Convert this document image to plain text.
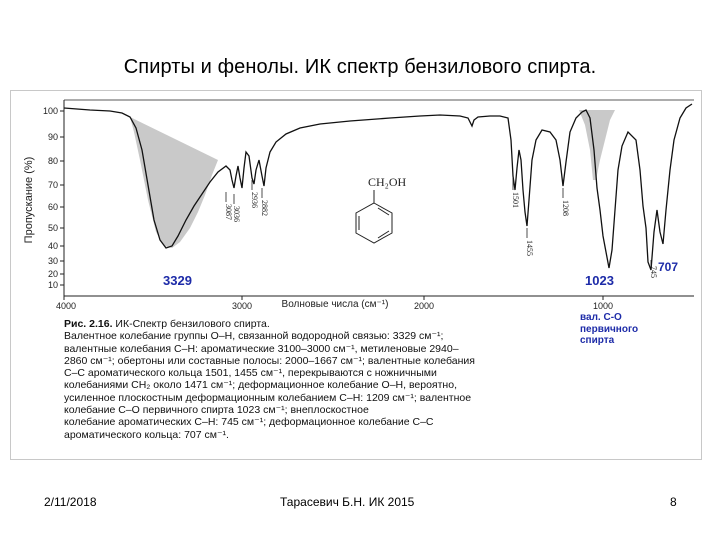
Спирты и фенолы. ИК спектр бензилового спирта.
100
90
80
70
60
50
40
30
20
10
Пропускание (%)
4000	3000	2000	1000
Волновые числа (см⁻¹)
3087 3036
2936 2882	1501
1455
1208
745
3329	1023
707
CH₂OH
Рис. 2.16. ИК-Спектр бензилового спирта.
Валентное колебание группы O–H, связанной водородной связью: 3329 см⁻¹;
валентные колебания C–H: ароматические 3100–3000 см⁻¹, метиленовые 2940–
2860 см⁻¹; обертоны или составные полосы: 2000–1667 см⁻¹; валентные колебания
C–C ароматического кольца 1501, 1455 см⁻¹, перекрываются с ножничными
колебаниями CH₂ около 1471 см⁻¹; деформационное колебание O–H, вероятно,
усиленное плоскостным деформационным колебанием C–H: 1209 см⁻¹; валентное
колебание C–O первичного спирта 1023 см⁻¹; внеплоскостное
колебание ароматических C–H: 745 см⁻¹; деформационное колебание C–C
ароматического кольца: 707 см⁻¹.
вал. С-О
первичного
спирта
2/11/2018	Тарасевич Б.Н. ИК 2015	8
